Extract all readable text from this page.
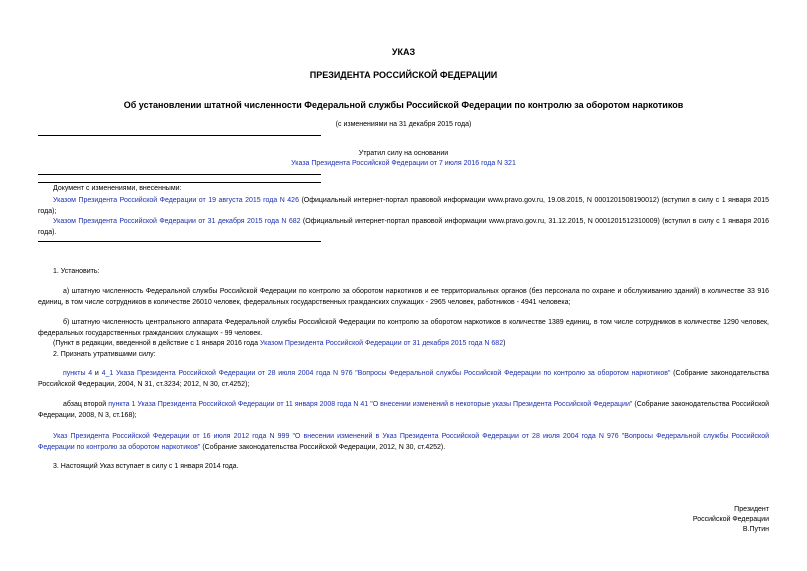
УКАЗ
ПРЕЗИДЕНТА РОССИЙСКОЙ ФЕДЕРАЦИИ
Об установлении штатной численности Федеральной службы Российской Федерации по контролю за оборотом наркотиков
(с изменениями на 31 декабря 2015 года)
Утратил силу на основании
Указа Президента Российской Федерации от 7 июля 2016 года N 321
Документ с изменениями, внесенными:
Указом Президента Российской Федерации от 19 августа 2015 года N 426 (Официальный интернет-портал правовой информации www.pravo.gov.ru, 19.08.2015, N 0001201508190012) (вступил в силу с 1 января 2015 года);
Указом Президента Российской Федерации от 31 декабря 2015 года N 682 (Официальный интернет-портал правовой информации www.pravo.gov.ru, 31.12.2015, N 0001201512310009) (вступил в силу с 1 января 2016 года).
1. Установить:
а) штатную численность Федеральной службы Российской Федерации по контролю за оборотом наркотиков и ее территориальных органов (без персонала по охране и обслуживанию зданий) в количестве 33 916 единиц, в том числе сотрудников в количестве 26010 человек, федеральных государственных гражданских служащих - 2965 человек, работников - 4941 человека;
б) штатную численность центрального аппарата Федеральной службы Российской Федерации по контролю за оборотом наркотиков в количестве 1389 единиц, в том числе сотрудников в количестве 1290 человек, федеральных государственных гражданских служащих - 99 человек.
(Пункт в редакции, введенной в действие с 1 января 2016 года Указом Президента Российской Федерации от 31 декабря 2015 года N 682)
2. Признать утратившими силу:
пункты 4 и 4_1 Указа Президента Российской Федерации от 28 июля 2004 года N 976 "Вопросы Федеральной службы Российской Федерации по контролю за оборотом наркотиков" (Собрание законодательства Российской Федерации, 2004, N 31, ст.3234; 2012, N 30, ст.4252);
абзац второй пункта 1 Указа Президента Российской Федерации от 11 января 2008 года N 41 "О внесении изменений в некоторые указы Президента Российской Федерации" (Собрание законодательства Российской Федерации, 2008, N 3, ст.168);
Указ Президента Российской Федерации от 16 июля 2012 года N 999 "О внесении изменений в Указ Президента Российской Федерации от 28 июля 2004 года N 976 "Вопросы Федеральной службы Российской Федерации по контролю за оборотом наркотиков" (Собрание законодательства Российской Федерации, 2012, N 30, ст.4252).
3. Настоящий Указ вступает в силу с 1 января 2014 года.
Президент
Российской Федерации
В.Путин
